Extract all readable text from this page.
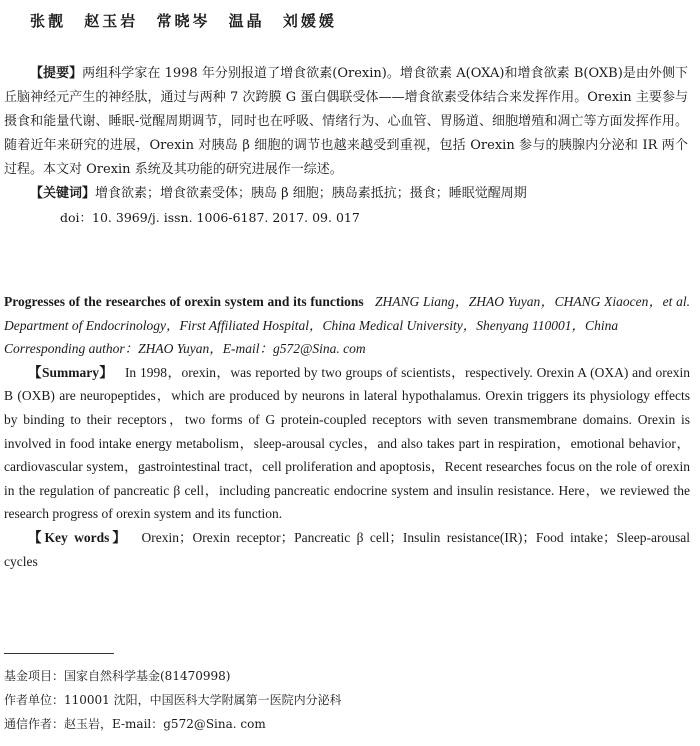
张靓 赵玉岩 常晓岑 温晶 刘媛媛

【提要】两组科学家在 1998 年分别报道了增食欲素(Orexin)。增食欲素 A(OXA)和增食欲素 B(OXB)是由外侧下丘脑神经元产生的神经肽，通过与两种 7 次跨膜 G 蛋白偶联受体——增食欲素受体结合来发挥作用。Orexin 主要参与摄食和能量代谢、睡眠-觉醒周期调节，同时也在呼吸、情绪行为、心血管、胃肠道、细胞增殖和凋亡等方面发挥作用。随着近年来研究的进展，Orexin 对胰岛 β 细胞的调节也越来越受到重视，包括 Orexin 参与的胰腺内分泌和 IR 两个过程。本文对 Orexin 系统及其功能的研究进展作一综述。

【关键词】增食欲素；增食欲素受体；胰岛 β 细胞；胰岛素抵抗；摄食；睡眠觉醒周期

doi：10. 3969/j. issn. 1006-6187. 2017. 09. 017

Progresses of the researches of orexin system and its functions ZHANG Liang，ZHAO Yuyan，CHANG Xiaocen，et al. Department of Endocrinology，First Affiliated Hospital，China Medical University，Shenyang 110001，China

Corresponding author：ZHAO Yuyan，E-mail：g572@Sina. com

【Summary】 In 1998，orexin，was reported by two groups of scientists，respectively. Orexin A (OXA) and orexin B (OXB) are neuropeptides，which are produced by neurons in lateral hypothalamus. Orexin triggers its physiology effects by binding to their receptors，two forms of G protein-coupled receptors with seven transmembrane domains. Orexin is involved in food intake energy metabolism，sleep-arousal cycles，and also takes part in respiration，emotional behavior，cardiovascular system，gastrointestinal tract，cell proliferation and apoptosis，Recent researches focus on the role of orexin in the regulation of pancreatic β cell，including pancreatic endocrine system and insulin resistance. Here，we reviewed the research progress of orexin system and its function.

【Key words】 Orexin；Orexin receptor；Pancreatic β cell；Insulin resistance(IR)；Food intake；Sleep-arousal cycles

基金项目：国家自然科学基金(81470998)

作者单位：110001 沈阳，中国医科大学附属第一医院内分泌科

通信作者：赵玉岩，E-mail：g572@Sina. com
